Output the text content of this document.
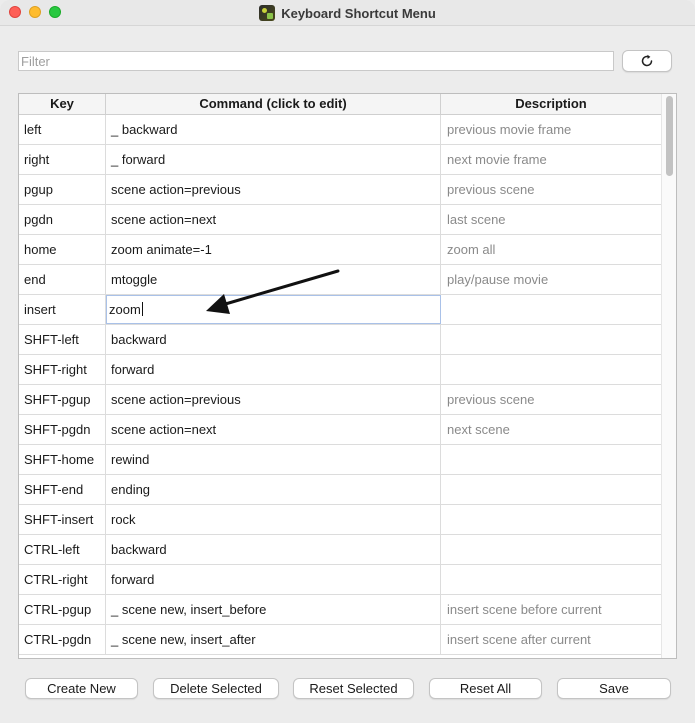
Keyboard Shortcut Menu
Filter
Key	Command (click to edit)	Description
left	_ backward	previous movie frame
right	_ forward	next movie frame
pgup	scene action=previous	previous scene
pgdn	scene action=next	last scene
home	zoom animate=-1	zoom all
end	mtoggle	play/pause movie
insert	zoom
SHFT-left	backward
SHFT-right	forward
SHFT-pgup	scene action=previous	previous scene
SHFT-pgdn	scene action=next	next scene
SHFT-home	rewind
SHFT-end	ending
SHFT-insert	rock
CTRL-left	backward
CTRL-right	forward
CTRL-pgup	_ scene new, insert_before	insert scene before current
CTRL-pgdn	_ scene new, insert_after	insert scene after current
Create New	Delete Selected	Reset Selected	Reset All	Save
